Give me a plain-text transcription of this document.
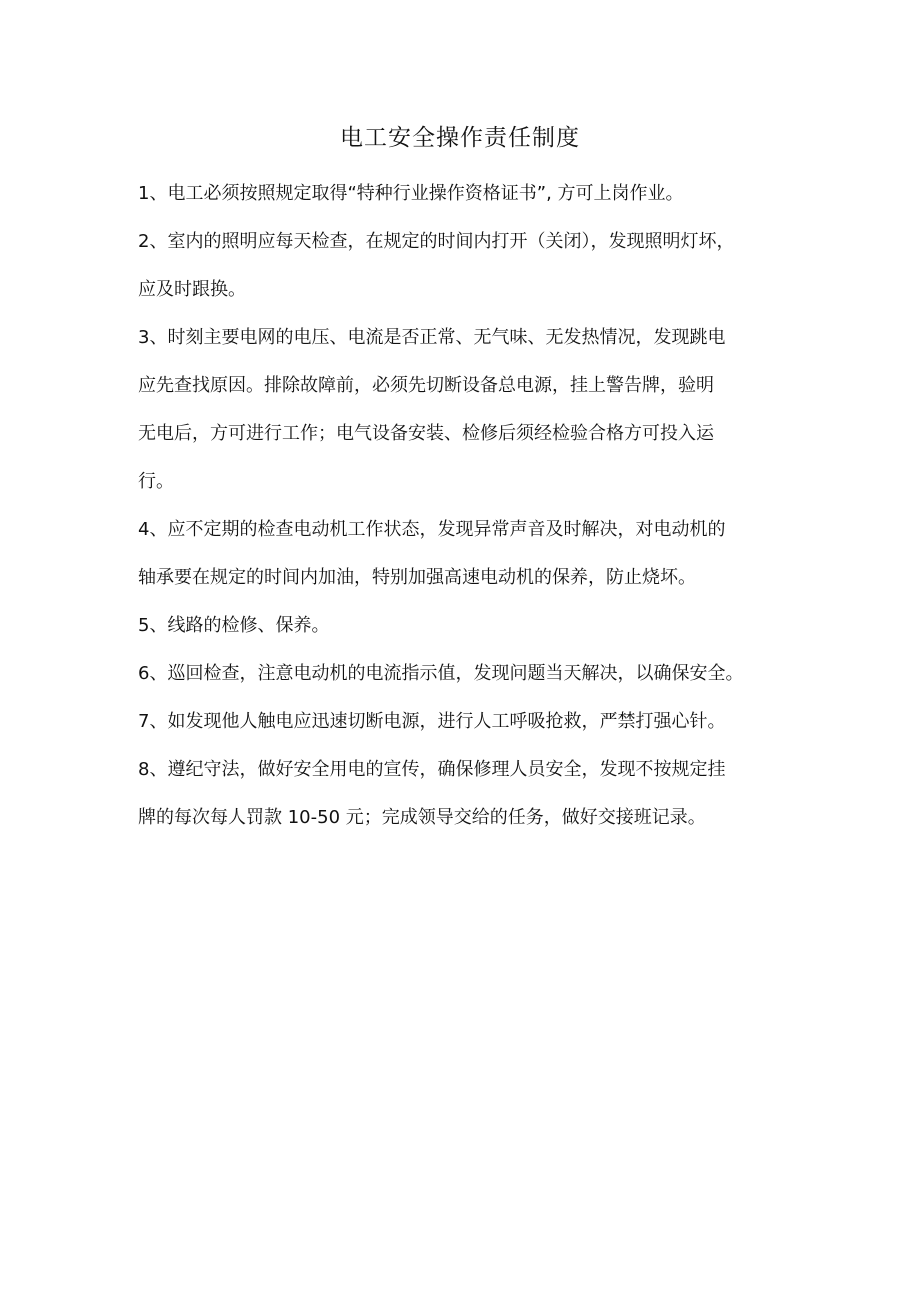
电工安全操作责任制度
1、电工必须按照规定取得“特种行业操作资格证书”, 方可上岗作业。
2、室内的照明应每天检查，在规定的时间内打开（关闭），发现照明灯坏，
应及时跟换。
3、时刻主要电网的电压、电流是否正常、无气味、无发热情况，发现跳电
应先查找原因。排除故障前，必须先切断设备总电源，挂上警告牌，验明
无电后，方可进行工作；电气设备安装、检修后须经检验合格方可投入运
行。
4、应不定期的检查电动机工作状态，发现异常声音及时解决，对电动机的
轴承要在规定的时间内加油，特别加强高速电动机的保养，防止烧坏。
5、线路的检修、保养。
6、巡回检查，注意电动机的电流指示值，发现问题当天解决，以确保安全。
7、如发现他人触电应迅速切断电源，进行人工呼吸抢救，严禁打强心针。
8、遵纪守法，做好安全用电的宣传，确保修理人员安全，发现不按规定挂
牌的每次每人罚款 10-50 元；完成领导交给的任务，做好交接班记录。
